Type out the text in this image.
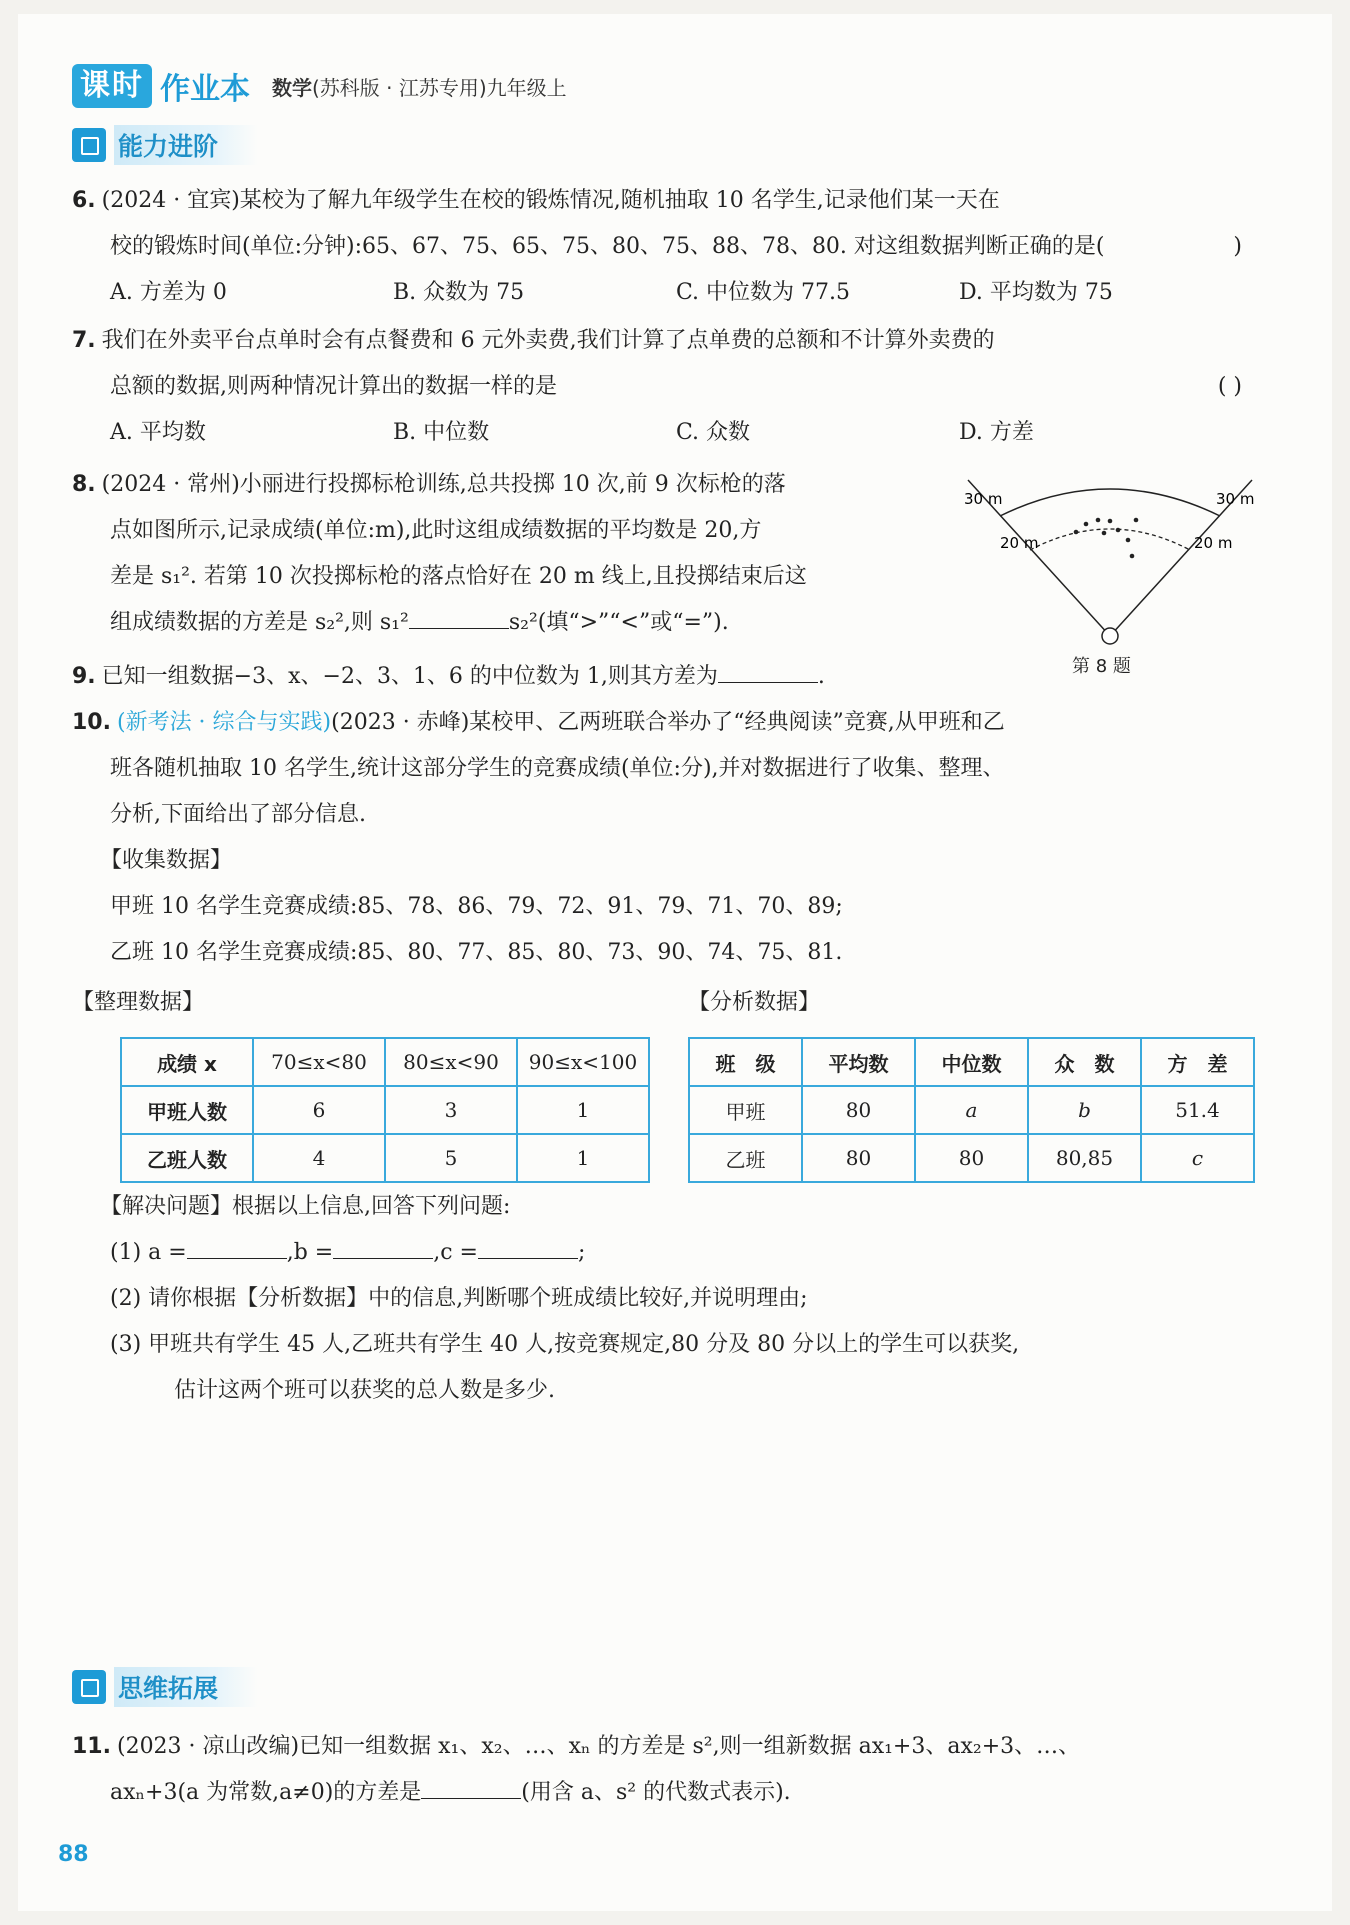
课时 作业本 数学(苏科版 · 江苏专用)九年级上
能力进阶
6. (2024 · 宜宾)某校为了解九年级学生在校的锻炼情况,随机抽取 10 名学生,记录他们某一天在
校的锻炼时间(单位:分钟):65、67、75、65、75、80、75、88、78、80. 对这组数据判断正确的是(	)
A. 方差为 0	B. 众数为 75	C. 中位数为 77.5	D. 平均数为 75
7. 我们在外卖平台点单时会有点餐费和 6 元外卖费,我们计算了点单费的总额和不计算外卖费的
总额的数据,则两种情况计算出的数据一样的是	( )
A. 平均数	B. 中位数	C. 众数	D. 方差
8. (2024 · 常州)小丽进行投掷标枪训练,总共投掷 10 次,前 9 次标枪的落
点如图所示,记录成绩(单位:m),此时这组成绩数据的平均数是 20,方
差是 s₁². 若第 10 次投掷标枪的落点恰好在 20 m 线上,且投掷结束后这
组成绩数据的方差是 s₂²,则 s₁²	s₂²(填“>”“<”或“=”).
30 m	30 m
20 m	20 m
第 8 题
9. 已知一组数据−3、x、−2、3、1、6 的中位数为 1,则其方差为	.
10. (新考法 · 综合与实践)(2023 · 赤峰)某校甲、乙两班联合举办了“经典阅读”竞赛,从甲班和乙
班各随机抽取 10 名学生,统计这部分学生的竞赛成绩(单位:分),并对数据进行了收集、整理、
分析,下面给出了部分信息.
【收集数据】
甲班 10 名学生竞赛成绩:85、78、86、79、72、91、79、71、70、89;
乙班 10 名学生竞赛成绩:85、80、77、85、80、73、90、74、75、81.
【整理数据】	【分析数据】
成绩 x	70≤x<80	80≤x<90	90≤x<100
甲班人数	6	3	1
乙班人数	4	5	1
班　级	平均数	中位数	众　数	方　差
甲班	80	a	b	51.4
乙班	80	80	80,85	c
【解决问题】根据以上信息,回答下列问题:
(1) a =	,b =	,c =	;
(2) 请你根据【分析数据】中的信息,判断哪个班成绩比较好,并说明理由;
(3) 甲班共有学生 45 人,乙班共有学生 40 人,按竞赛规定,80 分及 80 分以上的学生可以获奖,
估计这两个班可以获奖的总人数是多少.
思维拓展
11. (2023 · 凉山改编)已知一组数据 x₁、x₂、…、xₙ 的方差是 s²,则一组新数据 ax₁+3、ax₂+3、…、
axₙ+3(a 为常数,a≠0)的方差是	(用含 a、s² 的代数式表示).
88
